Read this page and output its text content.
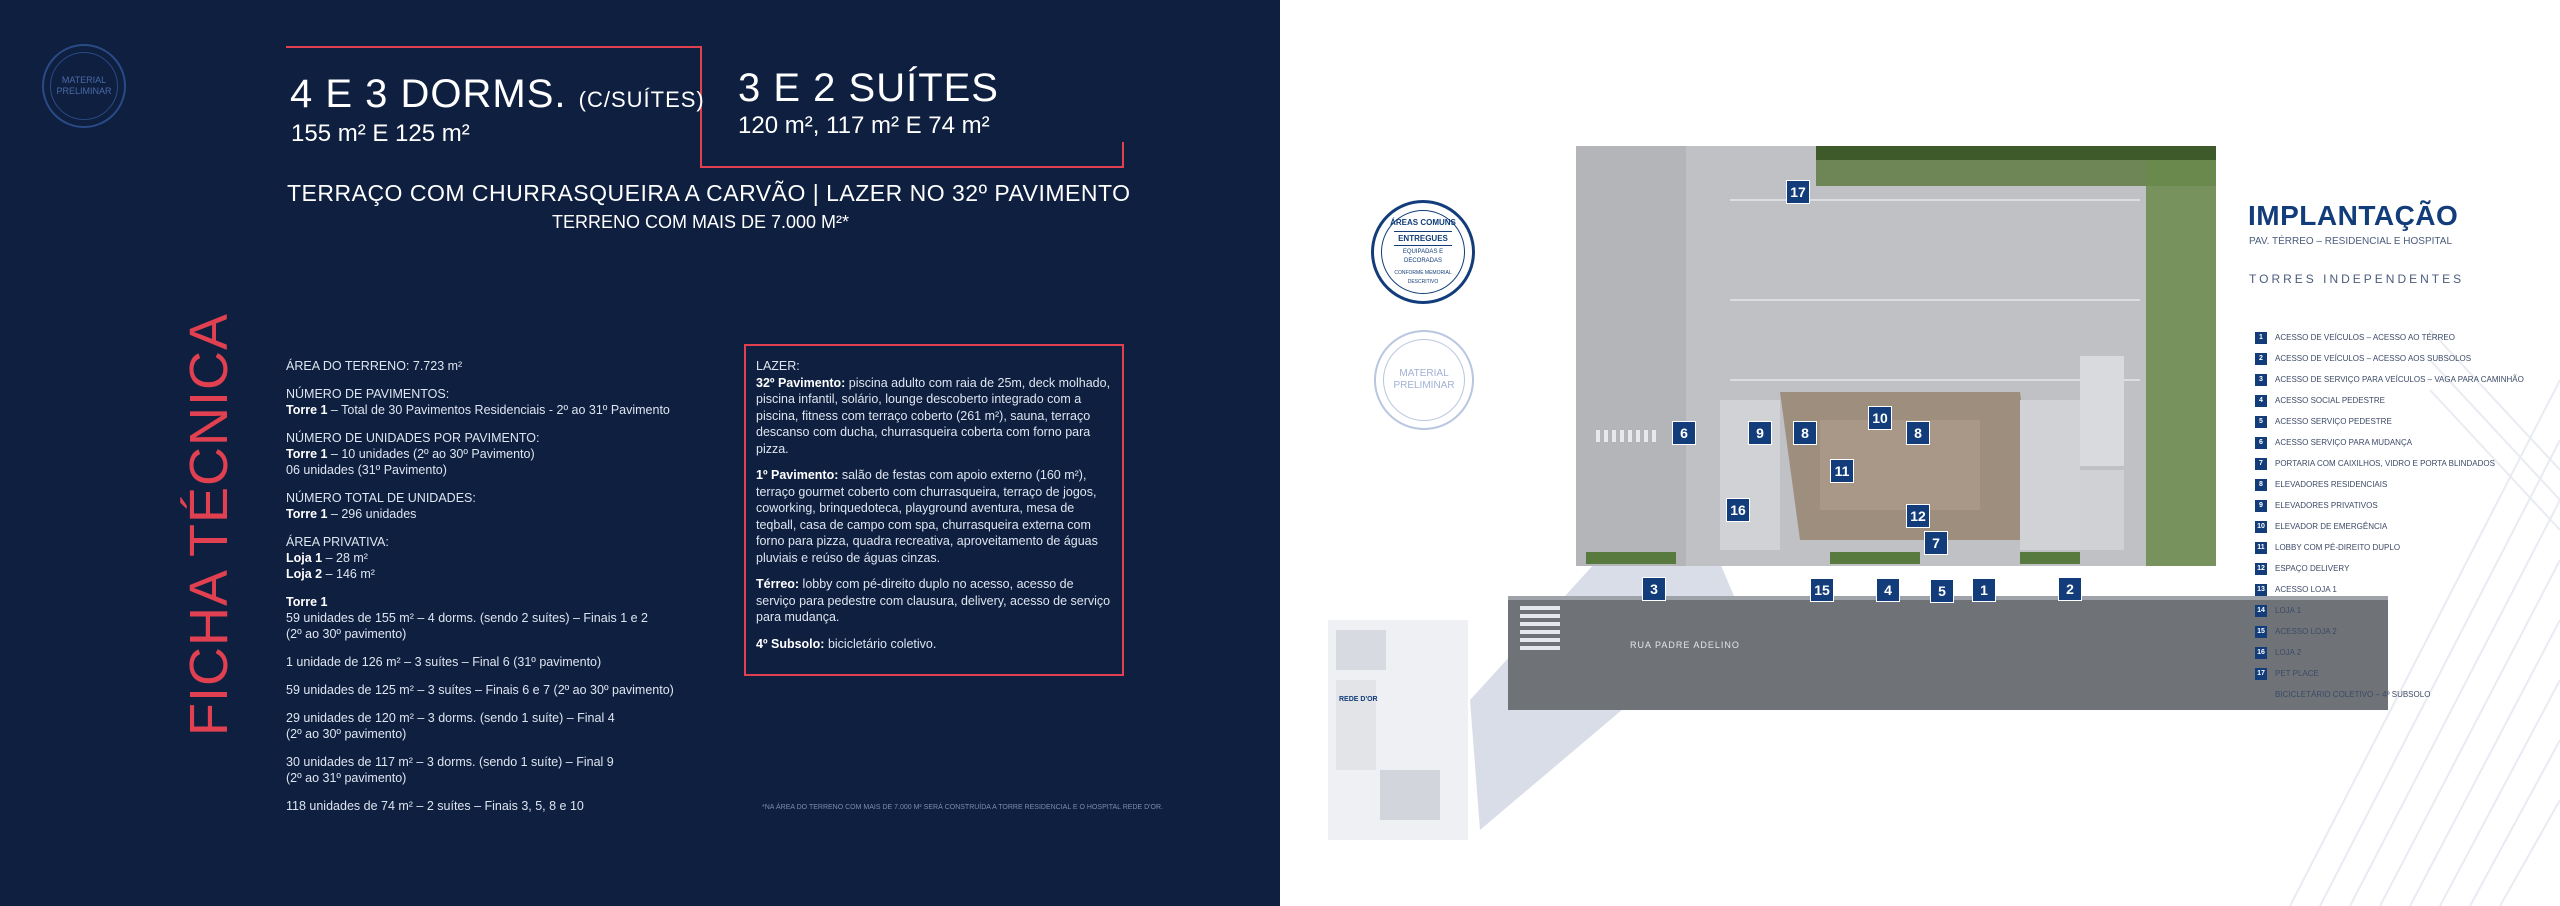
MATERIAL PRELIMINAR	4 E 3 DORMS. (C/SUÍTES)
155 m² E 125 m²
3 E 2 SUÍTES
120 m², 117 m² E 74 m²
TERRAÇO COM CHURRASQUEIRA A CARVÃO | LAZER NO 32º PAVIMENTO
TERRENO COM MAIS DE 7.000 M²*
FICHA TÉCNICA	ÁREA DO TERRENO: 7.723 m²

NÚMERO DE PAVIMENTOS:
Torre 1 – Total de 30 Pavimentos Residenciais - 2º ao 31º Pavimento

NÚMERO DE UNIDADES POR PAVIMENTO:
Torre 1 – 10 unidades (2º ao 30º Pavimento)
06 unidades (31º Pavimento)

NÚMERO TOTAL DE UNIDADES:
Torre 1 – 296 unidades

ÁREA PRIVATIVA:
Loja 1 – 28 m²
Loja 2 – 146 m²

Torre 1
59 unidades de 155 m² – 4 dorms. (sendo 2 suítes) – Finais 1 e 2
(2º ao 30º pavimento)

1 unidade de 126 m² – 3 suítes – Final 6 (31º pavimento)

59 unidades de 125 m² – 3 suítes – Finais 6 e 7 (2º ao 30º pavimento)

29 unidades de 120 m² – 3 dorms. (sendo 1 suíte) – Final 4
(2º ao 30º pavimento)

30 unidades de 117 m² – 3 dorms. (sendo 1 suíte) – Final 9
(2º ao 31º pavimento)

118 unidades de 74 m² – 2 suítes – Finais 3, 5, 8 e 10

LAZER:

32º Pavimento: piscina adulto com raia de 25m, deck molhado, piscina infantil, solário, lounge descoberto integrado com a piscina, fitness com terraço coberto (261 m²), sauna, terraço descanso com ducha, churrasqueira coberta com forno para pizza.

1º Pavimento: salão de festas com apoio externo (160 m²), terraço gourmet coberto com churrasqueira, terraço de jogos, coworking, brinquedoteca, playground aventura, mesa de teqball, casa de campo com spa, churrasqueira externa com forno para pizza, quadra recreativa, aproveitamento de águas pluviais e reúso de águas cinzas.

Térreo: lobby com pé-direito duplo no acesso, acesso de serviço para pedestre com clausura, delivery, acesso de serviço para mudança.

4º Subsolo: bicicletário coletivo.

*NA ÁREA DO TERRENO COM MAIS DE 7.000 M² SERÁ CONSTRUÍDA A TORRE RESIDENCIAL E O HOSPITAL REDE D'OR.
RUA PADRE ADELINO
REDE D'OR
17
6	9	8
10
8
11
16	12
7
3	15	4	5	1	2
ÁREAS COMUNS
ENTREGUES
EQUIPADAS E DECORADAS
CONFORME MEMORIAL DESCRITIVO
MATERIAL PRELIMINAR
IMPLANTAÇÃO
PAV. TÉRREO – RESIDENCIAL E HOSPITAL
TORRES INDEPENDENTES
1	ACESSO DE VEÍCULOS – ACESSO AO TÉRREO
2	ACESSO DE VEÍCULOS – ACESSO AOS SUBSOLOS
3	ACESSO DE SERVIÇO PARA VEÍCULOS – VAGA PARA CAMINHÃO
4	ACESSO SOCIAL PEDESTRE
5	ACESSO SERVIÇO PEDESTRE
6	ACESSO SERVIÇO PARA MUDANÇA
7	PORTARIA COM CAIXILHOS, VIDRO E PORTA BLINDADOS
8	ELEVADORES RESIDENCIAIS
9	ELEVADORES PRIVATIVOS
10 ELEVADOR DE EMERGÊNCIA
11 LOBBY COM PÉ-DIREITO DUPLO
12 ESPAÇO DELIVERY
13 ACESSO LOJA 1
14 LOJA 1
15 ACESSO LOJA 2
16 LOJA 2
17 PET PLACE
BICICLETÁRIO COLETIVO – 4º SUBSOLO
